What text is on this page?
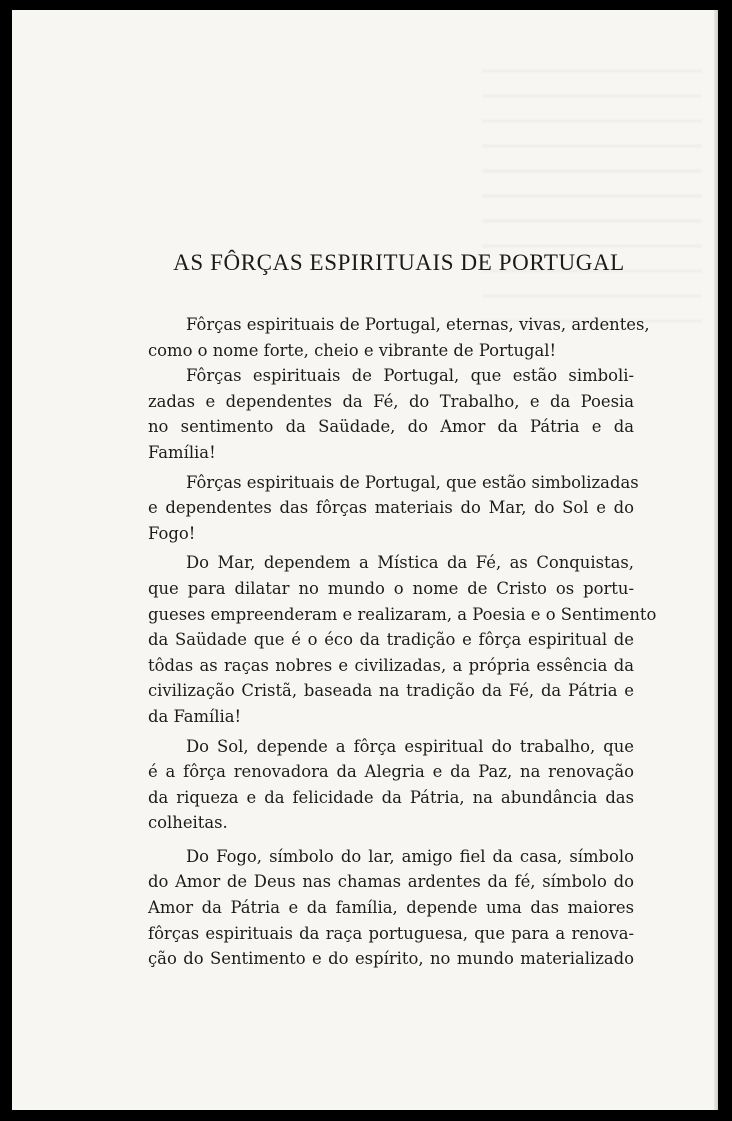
AS FÔRÇAS ESPIRITUAIS DE PORTUGAL
Fôrças espirituais de Portugal, eternas, vivas, ardentes,
como o nome forte, cheio e vibrante de Portugal!
Fôrças espirituais de Portugal, que estão simboli-
zadas e dependentes da Fé, do Trabalho, e da Poesia
no sentimento da Saüdade, do Amor da Pátria e da
Família!
Fôrças espirituais de Portugal, que estão simbolizadas
e dependentes das fôrças materiais do Mar, do Sol e do
Fogo!
Do Mar, dependem a Mística da Fé, as Conquistas,
que para dilatar no mundo o nome de Cristo os portu-
gueses empreenderam e realizaram, a Poesia e o Sentimento
da Saüdade que é o éco da tradição e fôrça espiritual de
tôdas as raças nobres e civilizadas, a própria essência da
civilização Cristã, baseada na tradição da Fé, da Pátria e
da Família!
Do Sol, depende a fôrça espiritual do trabalho, que
é a fôrça renovadora da Alegria e da Paz, na renovação
da riqueza e da felicidade da Pátria, na abundância das
colheitas.
Do Fogo, símbolo do lar, amigo fiel da casa, símbolo
do Amor de Deus nas chamas ardentes da fé, símbolo do
Amor da Pátria e da família, depende uma das maiores
fôrças espirituais da raça portuguesa, que para a renova-
ção do Sentimento e do espírito, no mundo materializado
